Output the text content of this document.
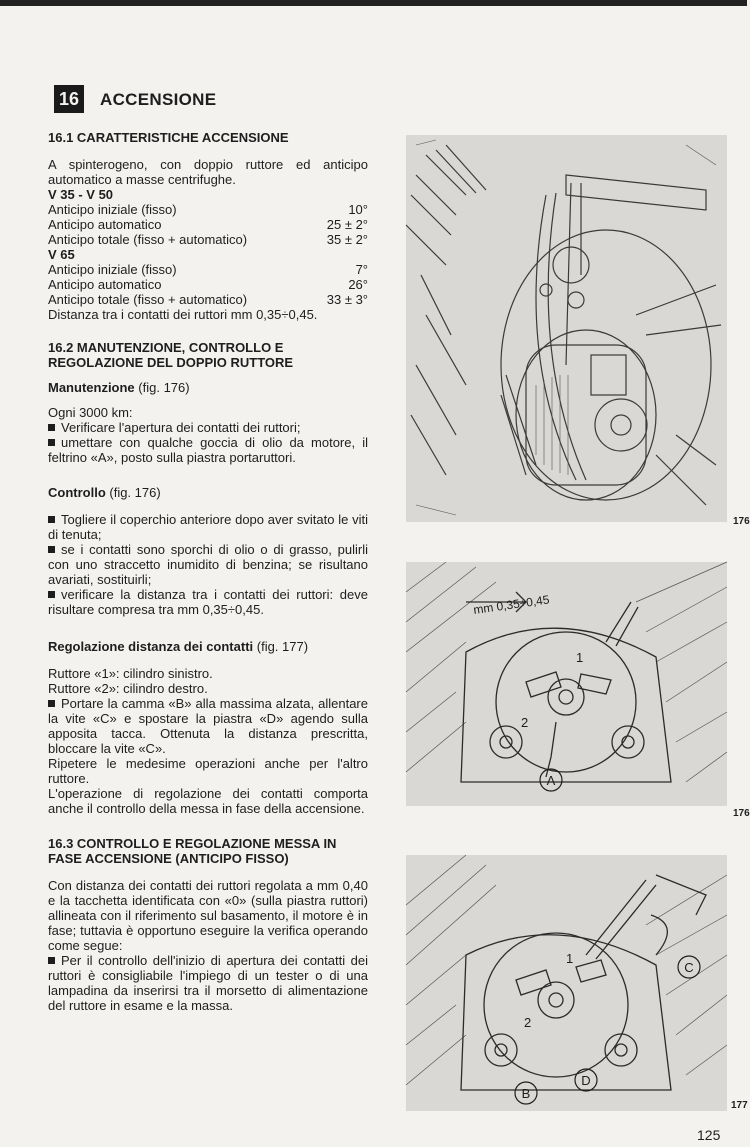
16 ACCENSIONE

16.1 CARATTERISTICHE ACCENSIONE

A spinterogeno, con doppio ruttore ed anticipo automatico a masse centrifughe.

V 35 - V 50

Anticipo iniziale (fisso)	10°
Anticipo automatico	25 ± 2°
Anticipo totale (fisso + automatico)	35 ± 2°

V 65

Anticipo iniziale (fisso)	7°
Anticipo automatico	26°
Anticipo totale (fisso + automatico)	33 ± 3°

Distanza tra i contatti dei ruttori mm 0,35÷0,45.

16.2 MANUTENZIONE, CONTROLLO E REGOLAZIONE DEL DOPPIO RUTTORE

Manutenzione (fig. 176)

Ogni 3000 km:

Verificare l'apertura dei contatti dei ruttori;

umettare con qualche goccia di olio da motore, il feltrino «A», posto sulla piastra portaruttori.

Controllo (fig. 176)

Togliere il coperchio anteriore dopo aver svitato le viti di tenuta;

se i contatti sono sporchi di olio o di grasso, pulirli con uno straccetto inumidito di benzina; se risultano avariati, sostituirli;

verificare la distanza tra i contatti dei ruttori: deve risultare compresa tra mm 0,35÷0,45.

Regolazione distanza dei contatti (fig. 177)

Ruttore «1»: cilindro sinistro.

Ruttore «2»: cilindro destro.

Portare la camma «B» alla massima alzata, allentare la vite «C» e spostare la piastra «D» agendo sulla apposita tacca. Ottenuta la distanza prescritta, bloccare la vite «C».

Ripetere le medesime operazioni anche per l'altro ruttore.

L'operazione di regolazione dei contatti comporta anche il controllo della messa in fase della accensione.

16.3 CONTROLLO E REGOLAZIONE MESSA IN FASE ACCENSIONE (ANTICIPO FISSO)

Con distanza dei contatti dei ruttori regolata a mm 0,40 e la tacchetta identificata con «0» (sulla piastra ruttori) allineata con il riferimento sul basamento, il motore è in fase; tuttavia è opportuno eseguire la verifica operando come segue:

Per il controllo dell'inizio di apertura dei contatti dei ruttori è consigliabile l'impiego di un tester o di una lampadina da inserirsi tra il morsetto di alimentazione del ruttore in esame e la massa.

176
A
1
2
mm 0,35÷0,45
176
B
C
D
1
2
177
125
